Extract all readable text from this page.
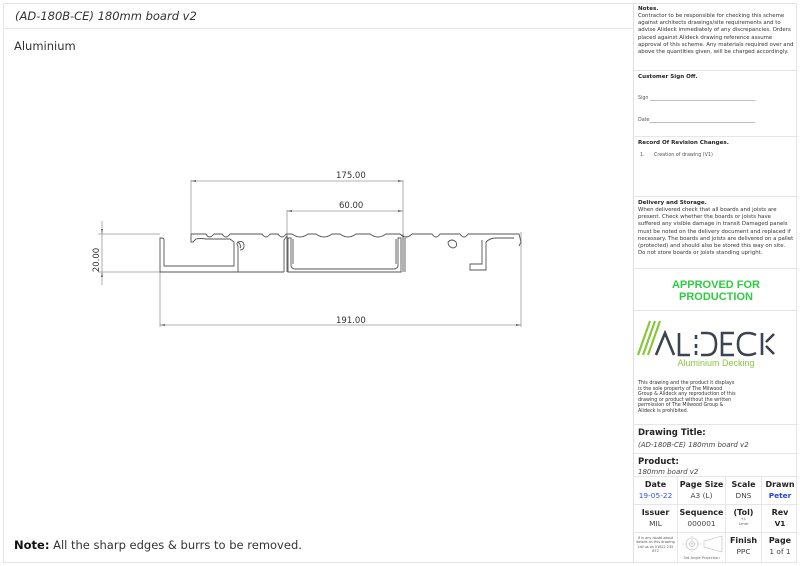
(AD-180B-CE) 180mm board v2
Aluminium
175.00
60.00
191.00
20.00
Note: All the sharp edges & burrs to be removed.
Notes.
Contractor to be responsible for checking this scheme against architects drawings/site requirements and to advise Alideck immediately of any discrepancies. Orders placed against Alideck drawing reference assume approval of this scheme. Any materials required over and above the quantities given, will be charged accordingly.
Customer Sign Off.
Sign ____________________________________________
Date____________________________________________
Record Of Revision Changes.
1. Creation of drawing (V1)
Delivery and Storage.
When delivered check that all boards and joists are present. Check whether the boards or joists have suffered any visible damage in transit Damaged panels must be noted on the delivery document and replaced if necessary. The boards and joists are delivered on a pallet (protected) and should also be stored this way on site. Do not store boards or joists standing upright.
APPROVED FOR
PRODUCTION
Aluminium Decking
This drawing and the product it displays is the sole property of The Milwood Group & Alideck any reproduction of this drawing or product without the written permission of The Milwood Group & Alideck is prohibited.
Drawing Title:
(AD-180B-CE) 180mm board v2
Product:
180mm board v2
Date
19-05-22
Page Size
A3 (L)
Scale
DNS
Drawn
Peter
Issuer
MIL
Sequence
000001
(Tol)
+/-
1mm
Rev
V1
If in any doubt about details on this drawing call us on 01622 235 672
3rd Angle Projection
Finish
PPC
Page
1 of 1
